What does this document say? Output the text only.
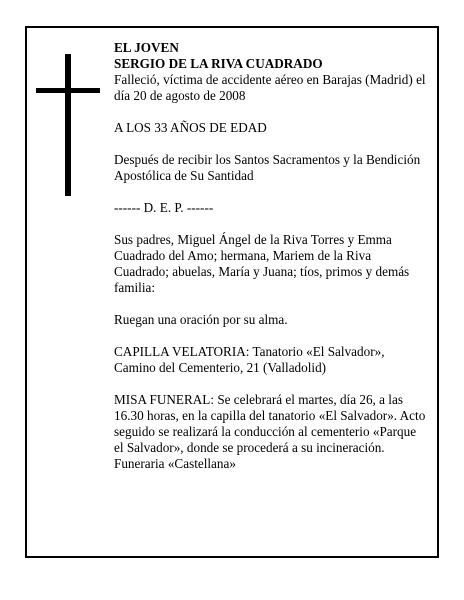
EL JOVEN

SERGIO DE LA RIVA CUADRADO

Falleció, víctima de accidente aéreo en Barajas (Madrid) el día 20 de agosto de 2008

A LOS 33 AÑOS DE EDAD

Después de recibir los Santos Sacramentos y la Bendición Apostólica de Su Santidad

------ D. E. P. ------

Sus padres, Miguel Ángel de la Riva Torres y Emma Cuadrado del Amo; hermana, Mariem de la Riva Cuadrado; abuelas, María y Juana; tíos, primos y demás familia:

Ruegan una oración por su alma.

CAPILLA VELATORIA: Tanatorio «El Salvador», Camino del Cementerio, 21 (Valladolid)

MISA FUNERAL: Se celebrará el martes, día 26, a las 16.30 horas, en la capilla del tanatorio «El Salvador». Acto seguido se realizará la conducción al cementerio «Parque el Salvador», donde se procederá a su incineración.

Funeraria «Castellana»
